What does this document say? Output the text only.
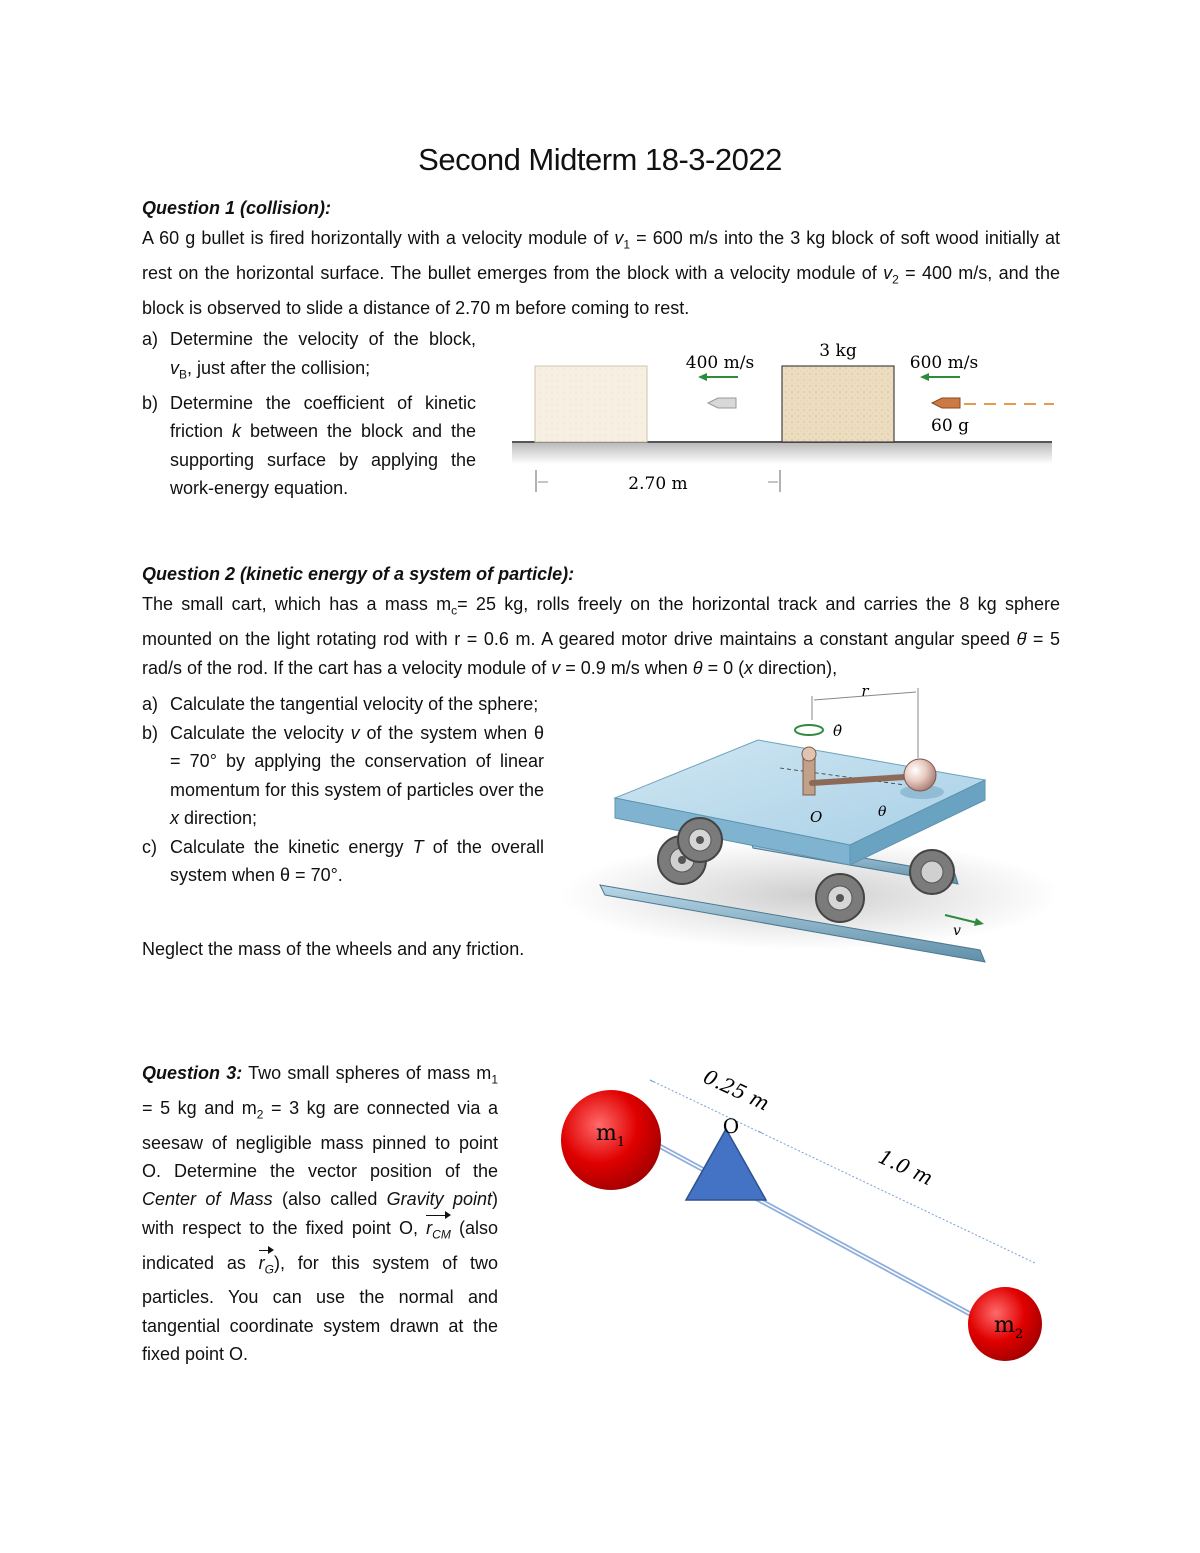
Second Midterm 18-3-2022
Question 1 (collision):

A 60 g bullet is fired horizontally with a velocity module of $v_1 = 600$ m/s into the 3 kg block of soft wood initially at rest on the horizontal surface. The bullet emerges from the block with a velocity module of $v_2 = 400$ m/s, and the block is observed to slide a distance of 2.70 m before coming to rest.

a) Determine the velocity of the block, $v_B$, just after the collision;
b) Determine the coefficient of kinetic friction k between the block and the supporting surface by applying the work-energy equation.
400 m/s
3 kg
600 m/s
60 g
2.70 m
Question 2 (kinetic energy of a system of particle):

The small cart, which has a mass $m_c= 25$ kg, rolls freely on the horizontal track and carries the 8 kg sphere mounted on the light rotating rod with r = 0.6 m. A geared motor drive maintains a constant angular speed θ̇ = 5 rad/s of the rod. If the cart has a velocity module of v = 0.9 m/s when θ = 0 (x direction),

a) Calculate the tangential velocity of the sphere;
b) Calculate the velocity v of the system when θ = 70° by applying the conservation of linear momentum for this system of particles over the x direction;
c) Calculate the kinetic energy T of the overall system when θ = 70°.
Neglect the mass of the wheels and any friction.
r
θ̇
O	θ
v
Question 3: Two small spheres of mass $m_1 = 5$ kg and $m_2 = 3$ kg are connected via a seesaw of negligible mass pinned to point O. Determine the vector position of the Center of Mass (also called Gravity point) with respect to the fixed point O, $r_{CM}$ (also indicated as $r_G$), for this system of two particles. You can use the normal and tangential coordinate system drawn at the fixed point O.
0.25 m
1.0 m
O
$m_1$
$m_2$
